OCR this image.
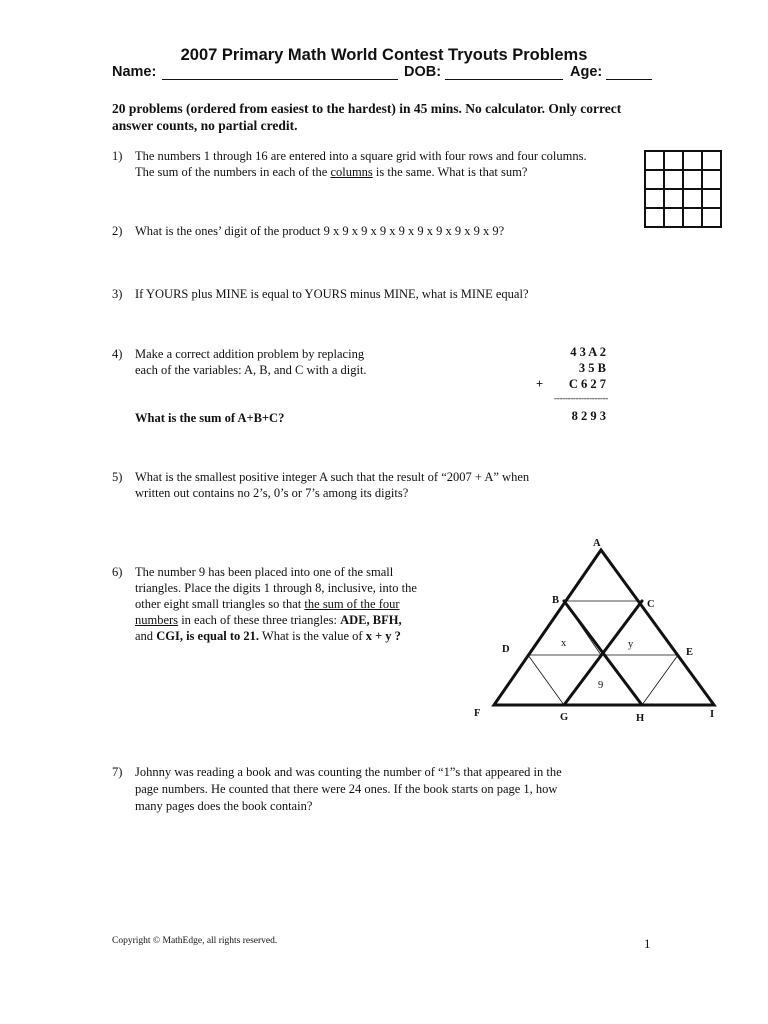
2007 Primary Math World Contest Tryouts Problems
Name:	DOB:	Age:
20 problems (ordered from easiest to the hardest) in 45 mins. No calculator. Only correct answer counts, no partial credit.
1) The numbers 1 through 16 are entered into a square grid with four rows and four columns.
The sum of the numbers in each of the columns is the same. What is that sum?
2) What is the ones’ digit of the product 9 x 9 x 9 x 9 x 9 x 9 x 9 x 9 x 9 x 9?
3) If YOURS plus MINE is equal to YOURS minus MINE, what is MINE equal?
4) Make a correct addition problem by replacing
each of the variables: A, B, and C with a digit.
What is the sum of A+B+C?
4 3 A 2
3 5 B
+	C 6 2 7
--------------------
8 2 9 3
5) What is the smallest positive integer A such that the result of “2007 + A” when
written out contains no 2’s, 0’s or 7’s among its digits?
6) The number 9 has been placed into one of the small
triangles. Place the digits 1 through 8, inclusive, into the
other eight small triangles so that the sum of the four
numbers in each of these three triangles: ADE, BFH,
and CGI, is equal to 21. What is the value of x + y ?
A
B	C
D	E
F	G	H	I
x	y
9
7) Johnny was reading a book and was counting the number of “1”s that appeared in the
page numbers. He counted that there were 24 ones. If the book starts on page 1, how
many pages does the book contain?
Copyright © MathEdge, all rights reserved.	1
